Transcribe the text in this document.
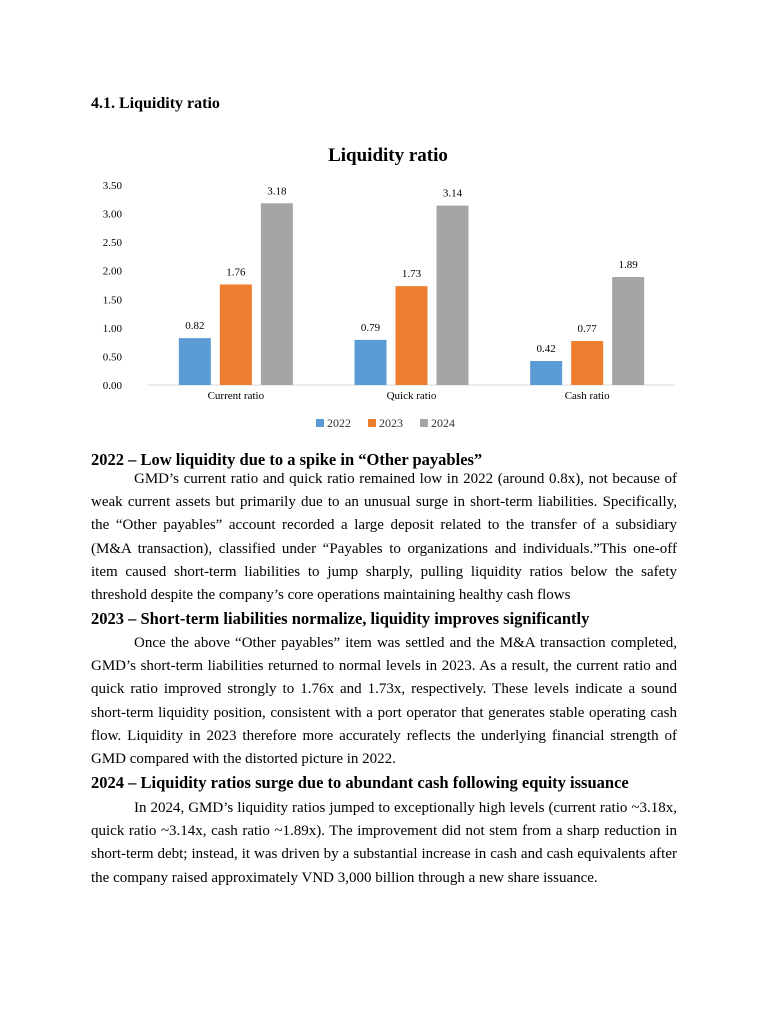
4.1. Liquidity ratio
Liquidity ratio
0.00
0.50
1.00
1.50
2.00
2.50
3.00
3.50
0.82
1.76
3.18
Current ratio
0.79
1.73
3.14
Quick ratio
0.42
0.77
1.89
Cash ratio
2022 2023 2024
2022 – Low liquidity due to a spike in “Other payables”

GMD’s current ratio and quick ratio remained low in 2022 (around 0.8x), not because of weak current assets but primarily due to an unusual surge in short-term liabilities. Specifically, the “Other payables” account recorded a large deposit related to the transfer of a subsidiary (M&A transaction), classified under “Payables to organizations and individuals.”This one-off item caused short-term liabilities to jump sharply, pulling liquidity ratios below the safety threshold despite the company’s core operations maintaining healthy cash flows

2023 – Short-term liabilities normalize, liquidity improves significantly

Once the above “Other payables” item was settled and the M&A transaction completed, GMD’s short-term liabilities returned to normal levels in 2023. As a result, the current ratio and quick ratio improved strongly to 1.76x and 1.73x, respectively. These levels indicate a sound short-term liquidity position, consistent with a port operator that generates stable operating cash flow. Liquidity in 2023 therefore more accurately reflects the underlying financial strength of GMD compared with the distorted picture in 2022.

2024 – Liquidity ratios surge due to abundant cash following equity issuance

In 2024, GMD’s liquidity ratios jumped to exceptionally high levels (current ratio ~3.18x, quick ratio ~3.14x, cash ratio ~1.89x). The improvement did not stem from a sharp reduction in short-term debt; instead, it was driven by a substantial increase in cash and cash equivalents after the company raised approximately VND 3,000 billion through a new share issuance.
